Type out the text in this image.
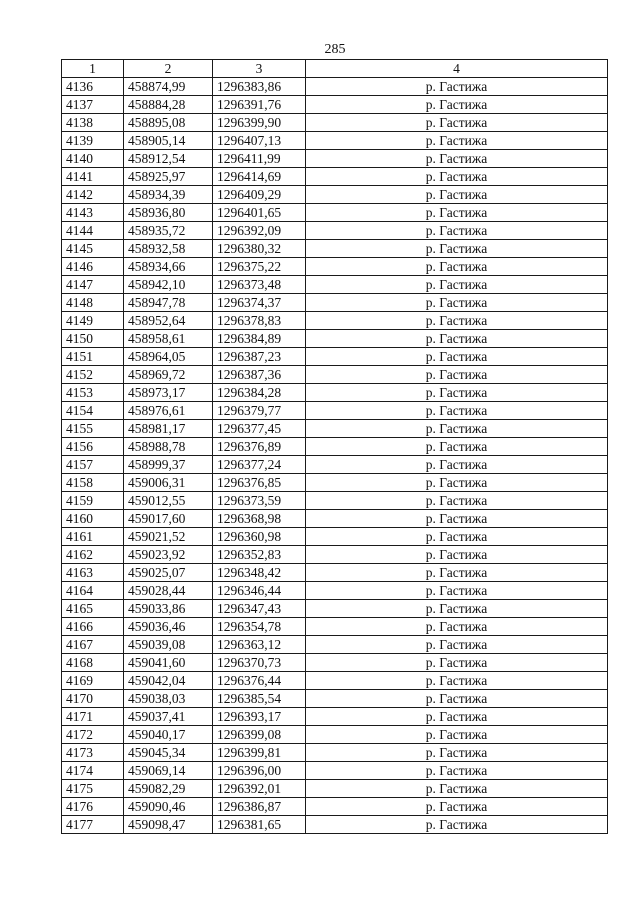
285
1	2	3	4
4136	458874,99	1296383,86	р. Гастижа
4137	458884,28	1296391,76	р. Гастижа
4138	458895,08	1296399,90	р. Гастижа
4139	458905,14	1296407,13	р. Гастижа
4140	458912,54	1296411,99	р. Гастижа
4141	458925,97	1296414,69	р. Гастижа
4142	458934,39	1296409,29	р. Гастижа
4143	458936,80	1296401,65	р. Гастижа
4144	458935,72	1296392,09	р. Гастижа
4145	458932,58	1296380,32	р. Гастижа
4146	458934,66	1296375,22	р. Гастижа
4147	458942,10	1296373,48	р. Гастижа
4148	458947,78	1296374,37	р. Гастижа
4149	458952,64	1296378,83	р. Гастижа
4150	458958,61	1296384,89	р. Гастижа
4151	458964,05	1296387,23	р. Гастижа
4152	458969,72	1296387,36	р. Гастижа
4153	458973,17	1296384,28	р. Гастижа
4154	458976,61	1296379,77	р. Гастижа
4155	458981,17	1296377,45	р. Гастижа
4156	458988,78	1296376,89	р. Гастижа
4157	458999,37	1296377,24	р. Гастижа
4158	459006,31	1296376,85	р. Гастижа
4159	459012,55	1296373,59	р. Гастижа
4160	459017,60	1296368,98	р. Гастижа
4161	459021,52	1296360,98	р. Гастижа
4162	459023,92	1296352,83	р. Гастижа
4163	459025,07	1296348,42	р. Гастижа
4164	459028,44	1296346,44	р. Гастижа
4165	459033,86	1296347,43	р. Гастижа
4166	459036,46	1296354,78	р. Гастижа
4167	459039,08	1296363,12	р. Гастижа
4168	459041,60	1296370,73	р. Гастижа
4169	459042,04	1296376,44	р. Гастижа
4170	459038,03	1296385,54	р. Гастижа
4171	459037,41	1296393,17	р. Гастижа
4172	459040,17	1296399,08	р. Гастижа
4173	459045,34	1296399,81	р. Гастижа
4174	459069,14	1296396,00	р. Гастижа
4175	459082,29	1296392,01	р. Гастижа
4176	459090,46	1296386,87	р. Гастижа
4177	459098,47	1296381,65	р. Гастижа
